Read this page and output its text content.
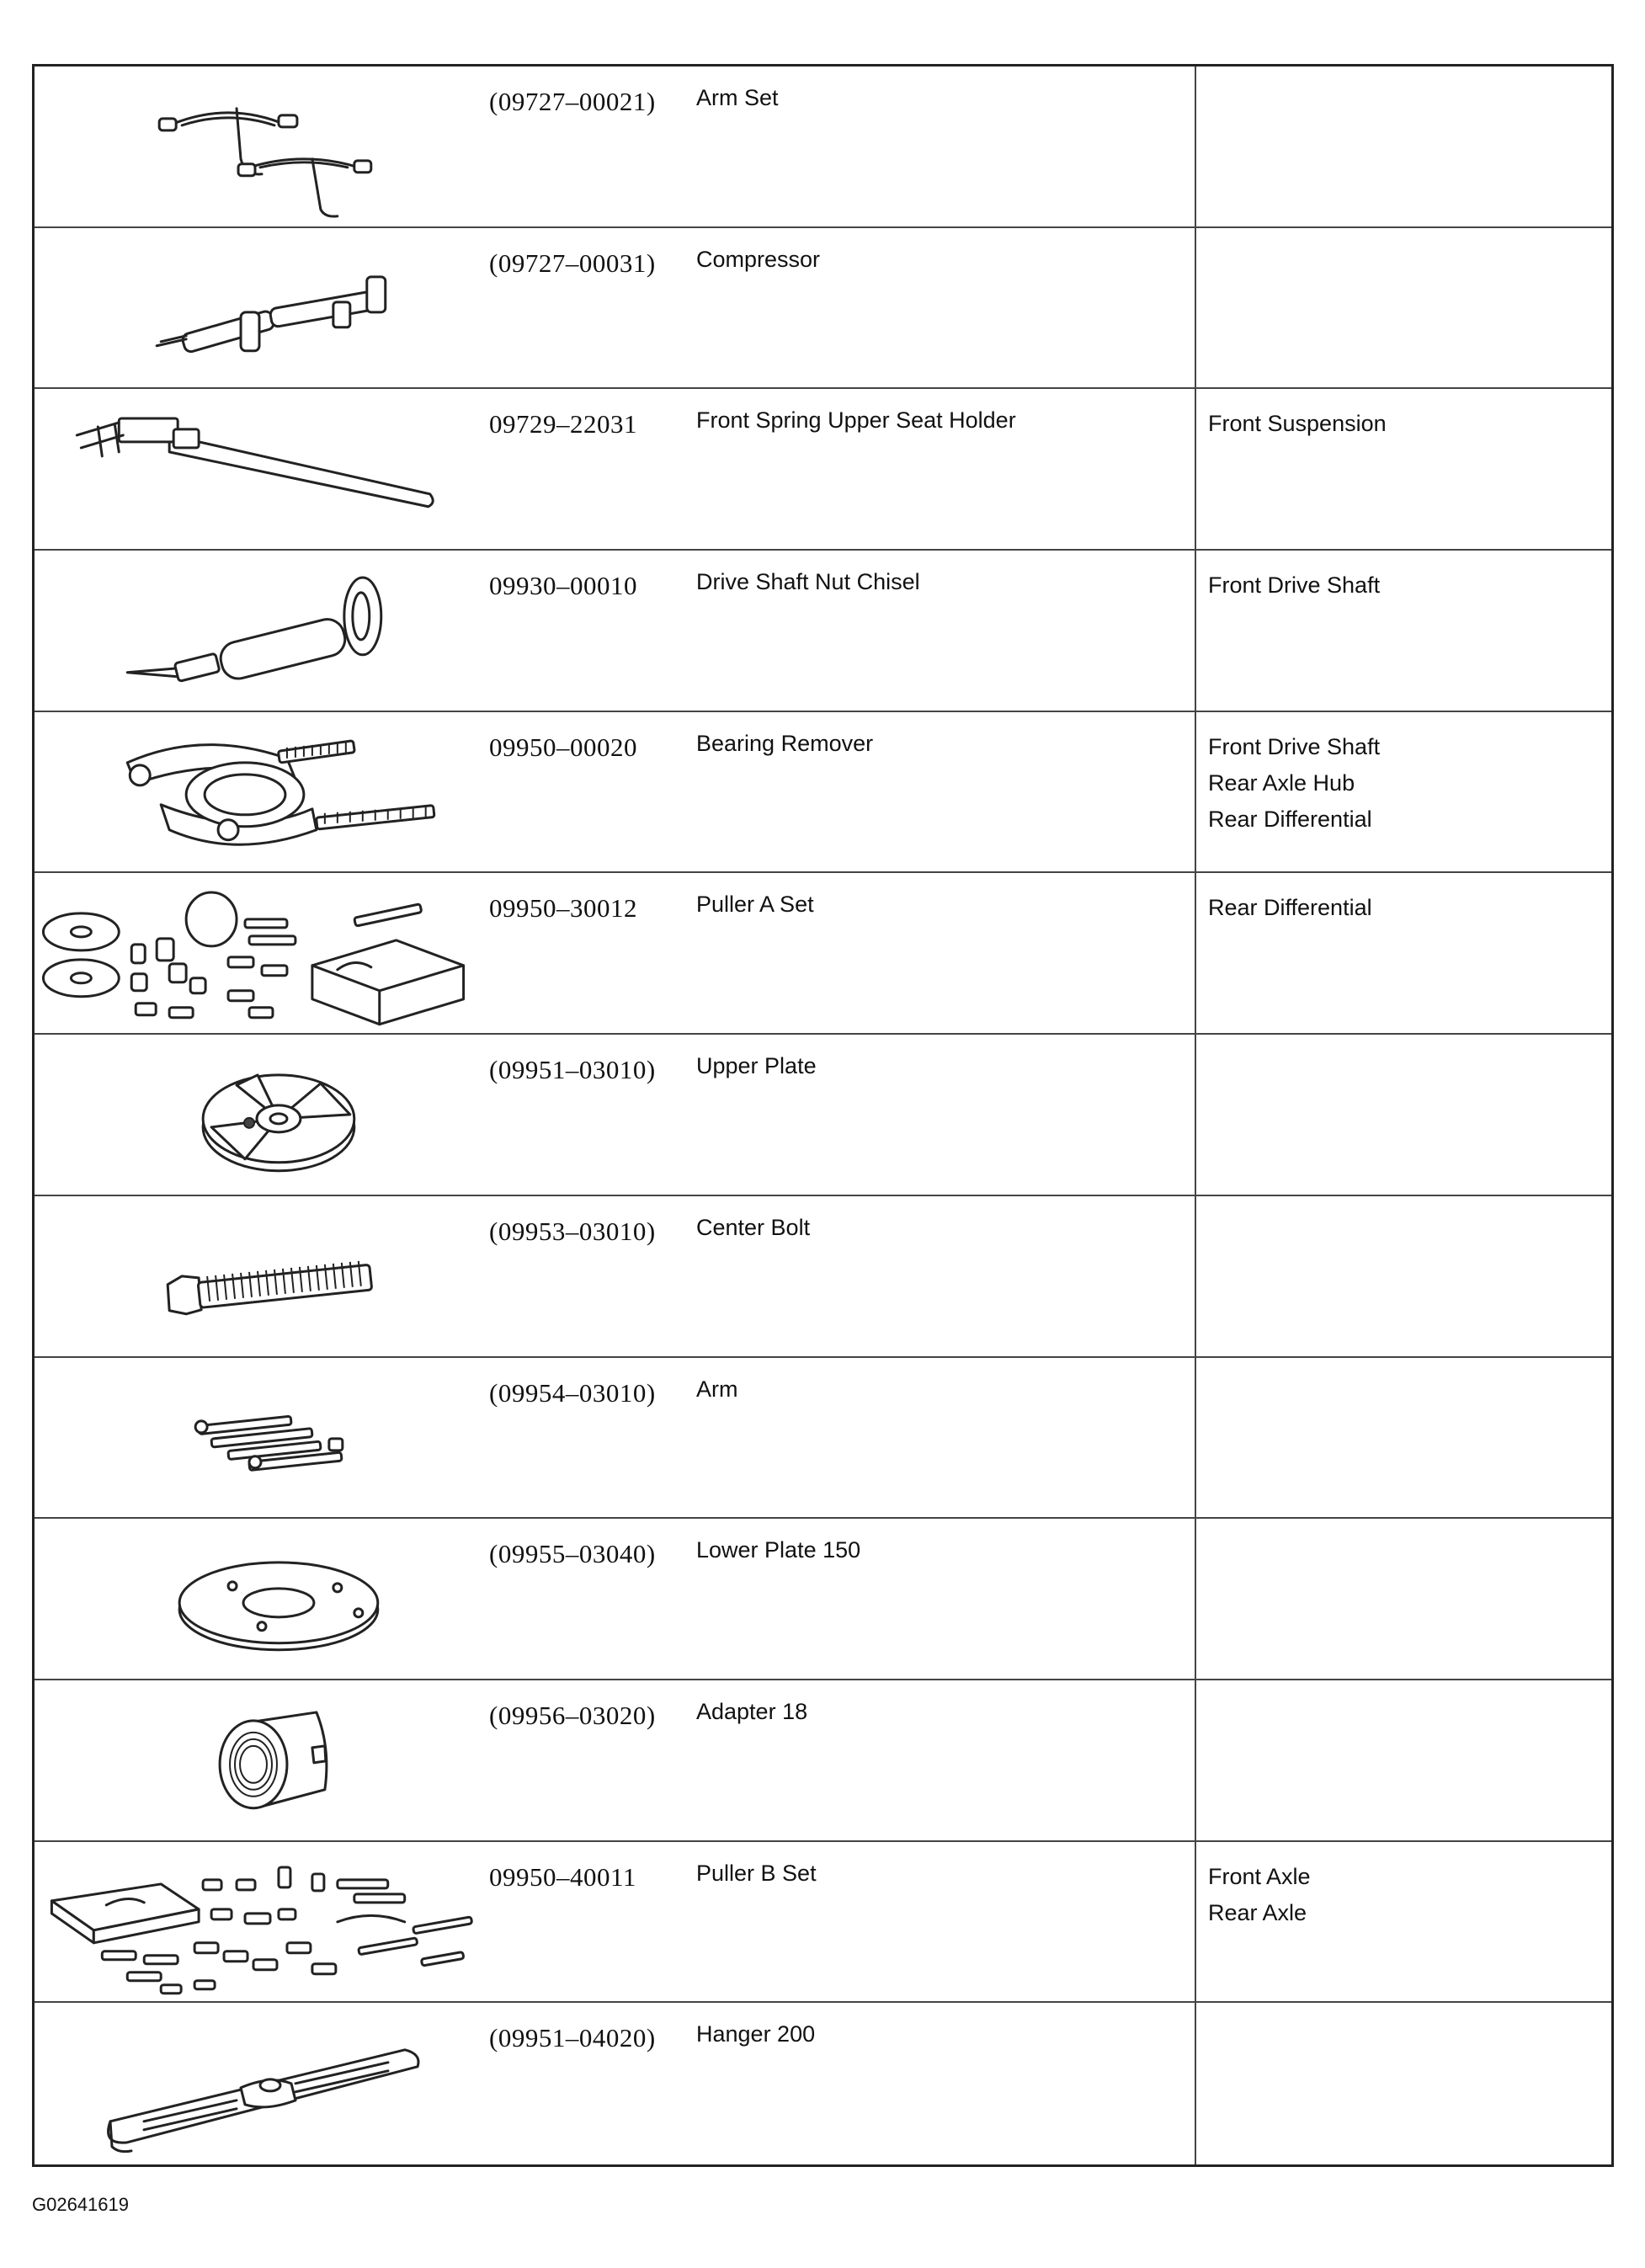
(09727–00021) Arm Set
(09727–00031) Compressor
09729–22031	Front Spring Upper Seat Holder	Front Suspension
09930–00010	Drive Shaft Nut Chisel	Front Drive Shaft
09950–00020	Bearing Remover	Front Drive Shaft
Rear Axle Hub
Rear Differential
09950–30012	Puller A Set	Rear Differential
(09951–03010) Upper Plate
(09953–03010) Center Bolt
(09954–03010) Arm
(09955–03040) Lower Plate 150
(09956–03020) Adapter 18
09950–40011	Puller B Set	Front Axle
Rear Axle
(09951–04020) Hanger 200
G02641619
